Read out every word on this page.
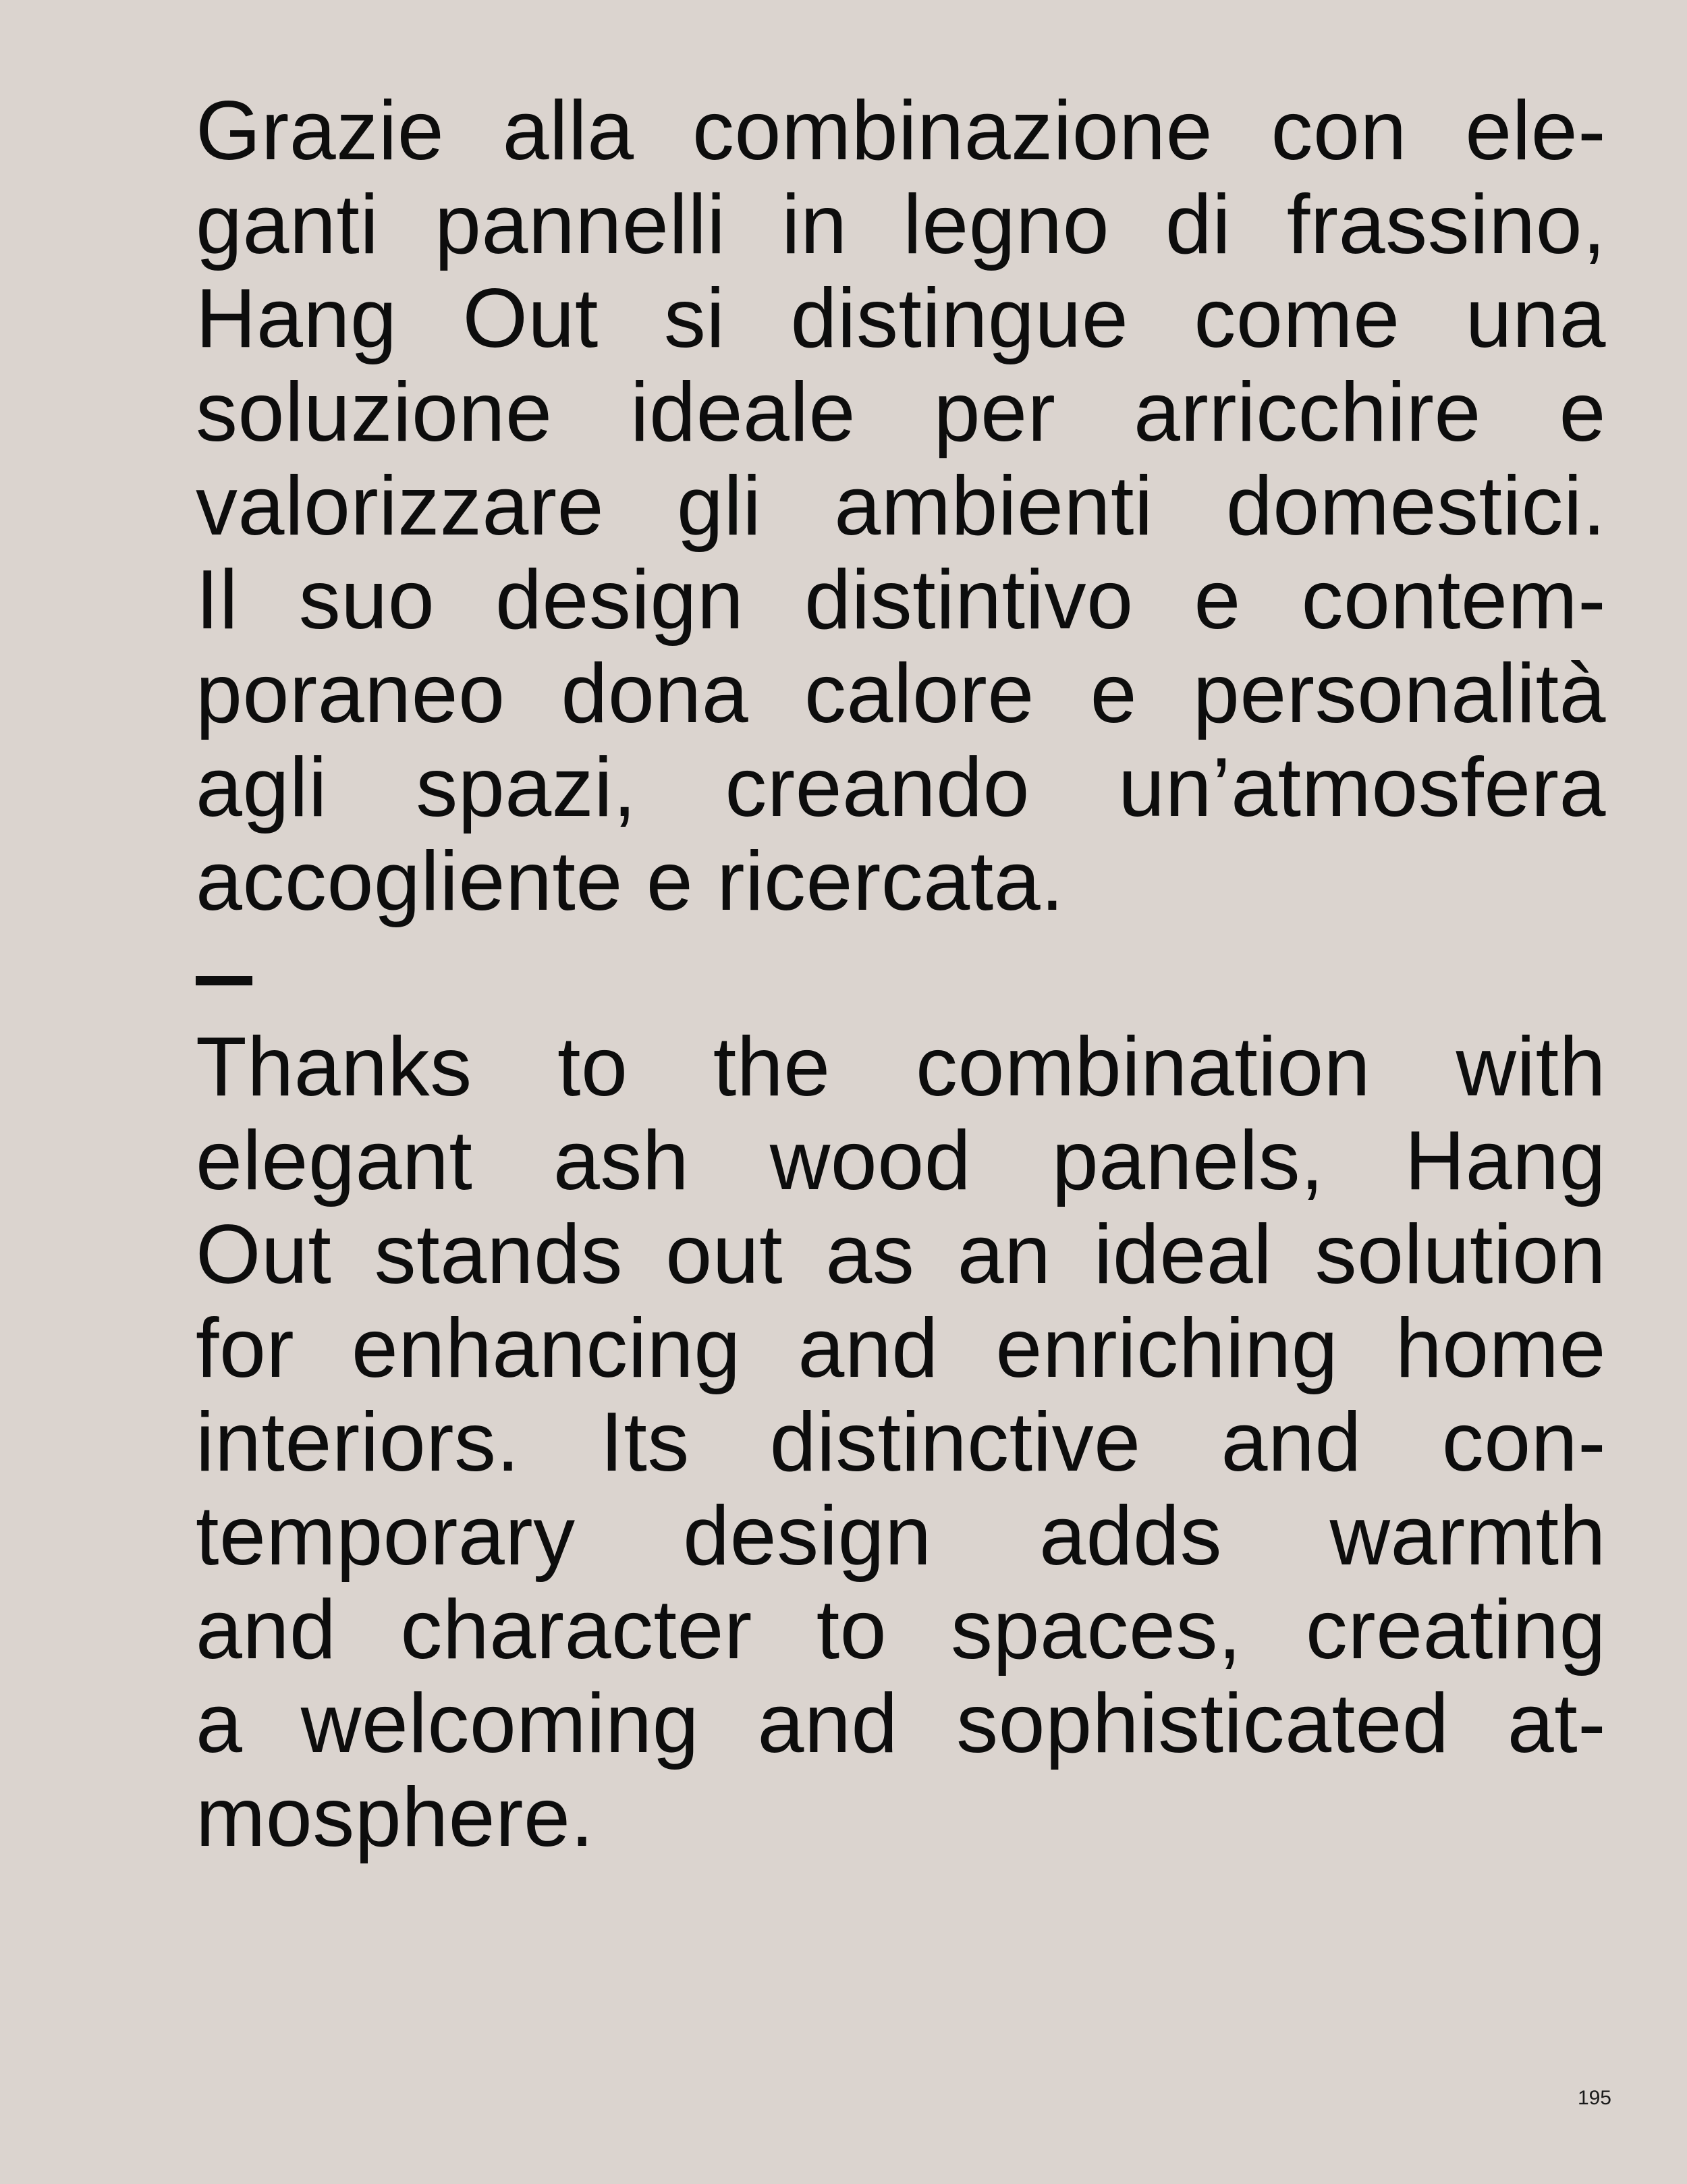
Grazie alla combinazione con ele-
ganti pannelli in legno di frassino,
Hang Out si distingue come una
soluzione ideale per arricchire e
valorizzare gli ambienti domestici.
Il suo design distintivo e contem-
poraneo dona calore e personalità
agli spazi, creando un’atmosfera
accogliente e ricercata.

Thanks to the combination with
elegant ash wood panels, Hang
Out stands out as an ideal solution
for enhancing and enriching home
interiors. Its distinctive and con-
temporary design adds warmth
and character to spaces, creating
a welcoming and sophisticated at-
mosphere.

195
